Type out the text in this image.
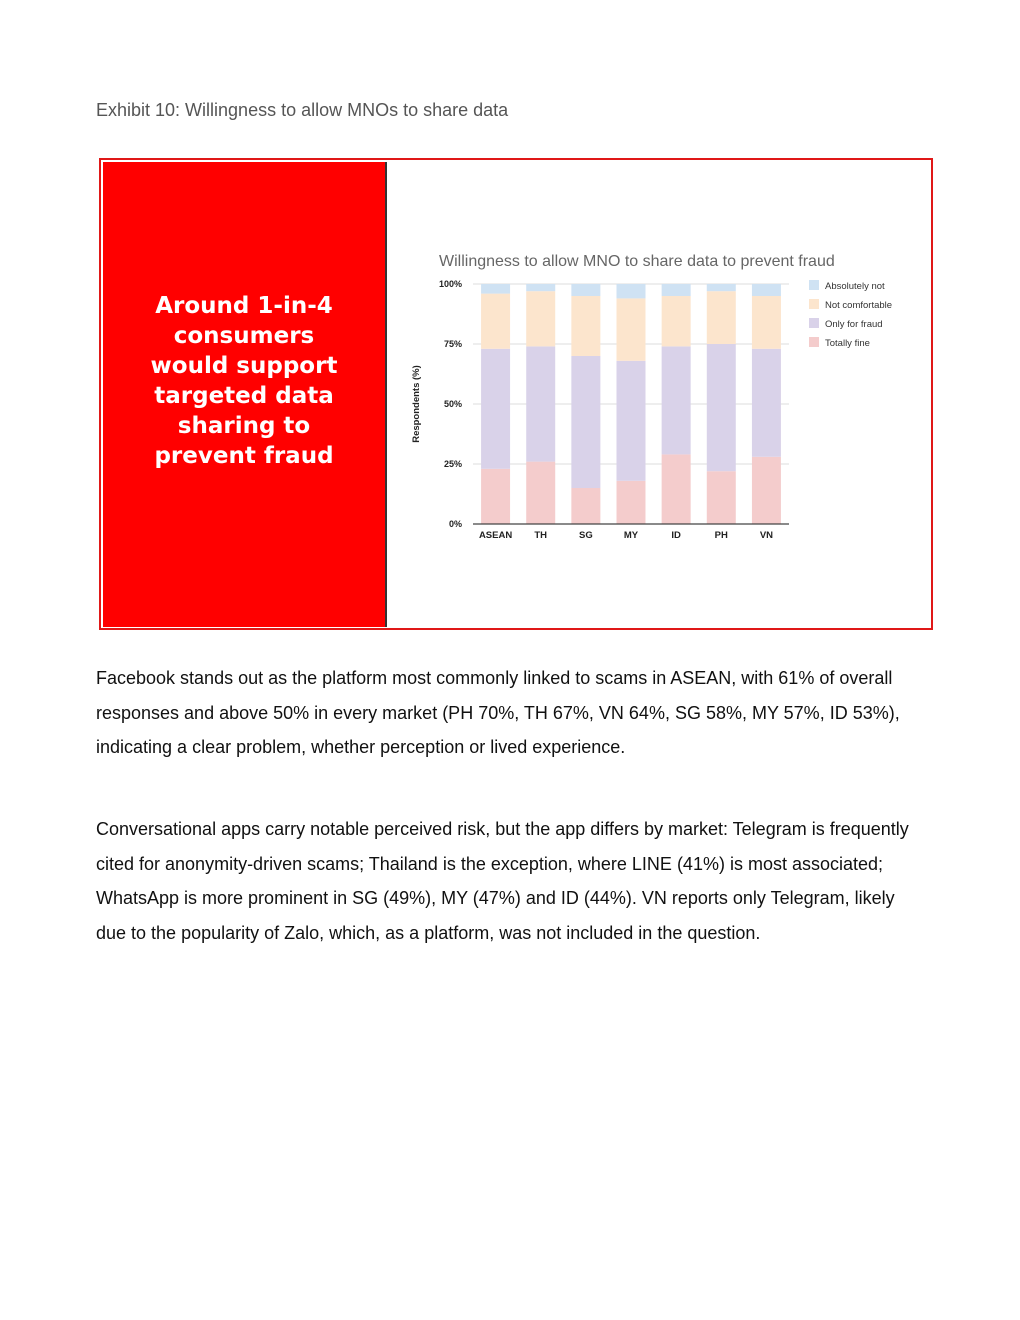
Exhibit 10: Willingness to allow MNOs to share data
Around 1-in-4 consumers would support targeted data sharing to prevent fraud
Willingness to allow MNO to share data to prevent fraud
0%
25%
50%
75%
100%
Respondents (%)
ASEAN TH	SG	MY	ID	PH	VN
Absolutely not
Not comfortable
Only for fraud
Totally fine

Facebook stands out as the platform most commonly linked to scams in ASEAN, with 61% of overall responses and above 50% in every market (PH 70%, TH 67%, VN 64%, SG 58%, MY 57%, ID 53%), indicating a clear problem, whether perception or lived experience.

Conversational apps carry notable perceived risk, but the app differs by market: Telegram is frequently cited for anonymity-driven scams; Thailand is the exception, where LINE (41%) is most associated; WhatsApp is more prominent in SG (49%), MY (47%) and ID (44%). VN reports only Telegram, likely due to the popularity of Zalo, which, as a platform, was not included in the question.
